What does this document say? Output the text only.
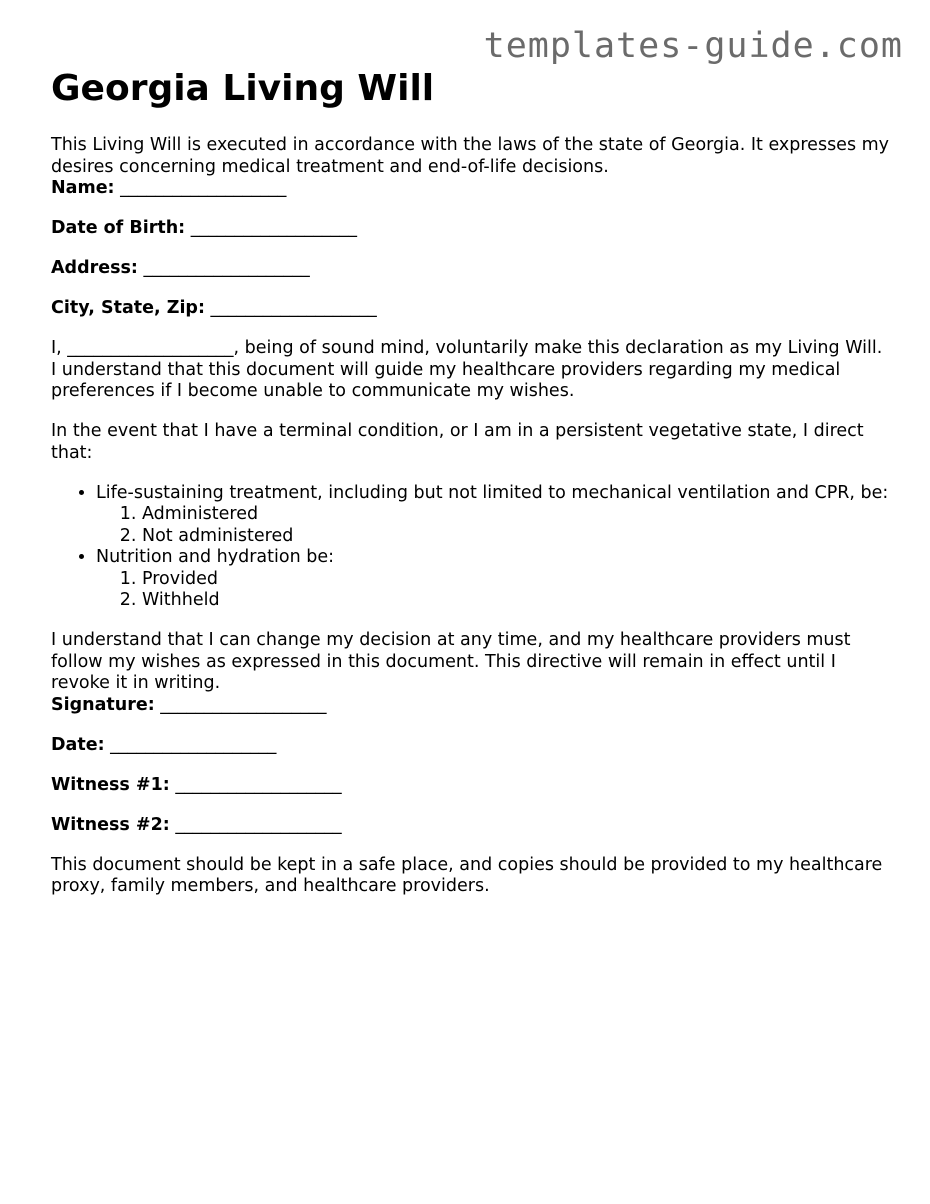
templates-guide.com
Georgia Living Will

This Living Will is executed in accordance with the laws of the state of Georgia. It expresses my desires concerning medical treatment and end-of-life decisions.

Name: ___________________

Date of Birth: ___________________

Address: ___________________

City, State, Zip: ___________________

I, ___________________, being of sound mind, voluntarily make this declaration as my Living Will. I understand that this document will guide my healthcare providers regarding my medical preferences if I become unable to communicate my wishes.

In the event that I have a terminal condition, or I am in a persistent vegetative state, I direct that:

• Life-sustaining treatment, including but not limited to mechanical ventilation and CPR, be:
1. Administered
2. Not administered
• Nutrition and hydration be:
1. Provided
2. Withheld

I understand that I can change my decision at any time, and my healthcare providers must follow my wishes as expressed in this document. This directive will remain in effect until I revoke it in writing.

Signature: ___________________

Date: ___________________

Witness #1: ___________________

Witness #2: ___________________

This document should be kept in a safe place, and copies should be provided to my healthcare proxy, family members, and healthcare providers.
